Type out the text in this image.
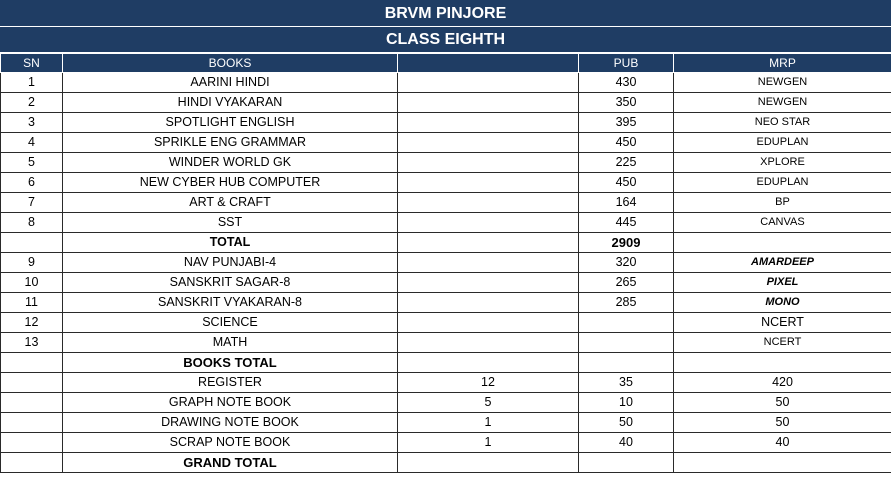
BRVM PINJORE
CLASS EIGHTH
SN	BOOKS		PUB	MRP
1	AARINI HINDI		430	NEWGEN
2	HINDI VYAKARAN		350	NEWGEN
3	SPOTLIGHT ENGLISH		395	NEO STAR
4	SPRIKLE ENG GRAMMAR		450	EDUPLAN
5	WINDER WORLD GK		225	XPLORE
6	NEW CYBER HUB COMPUTER		450	EDUPLAN
7	ART & CRAFT		164	BP
8	SST		445	CANVAS
	TOTAL		2909	
9	NAV PUNJABI-4		320	AMARDEEP
10	SANSKRIT SAGAR-8		265	PIXEL
11	SANSKRIT VYAKARAN-8		285	MONO
12	SCIENCE			NCERT
13	MATH			NCERT
	BOOKS TOTAL			
	REGISTER	12	35	420
	GRAPH NOTE BOOK	5	10	50
	DRAWING NOTE BOOK	1	50	50
	SCRAP NOTE BOOK	1	40	40
	GRAND TOTAL			
